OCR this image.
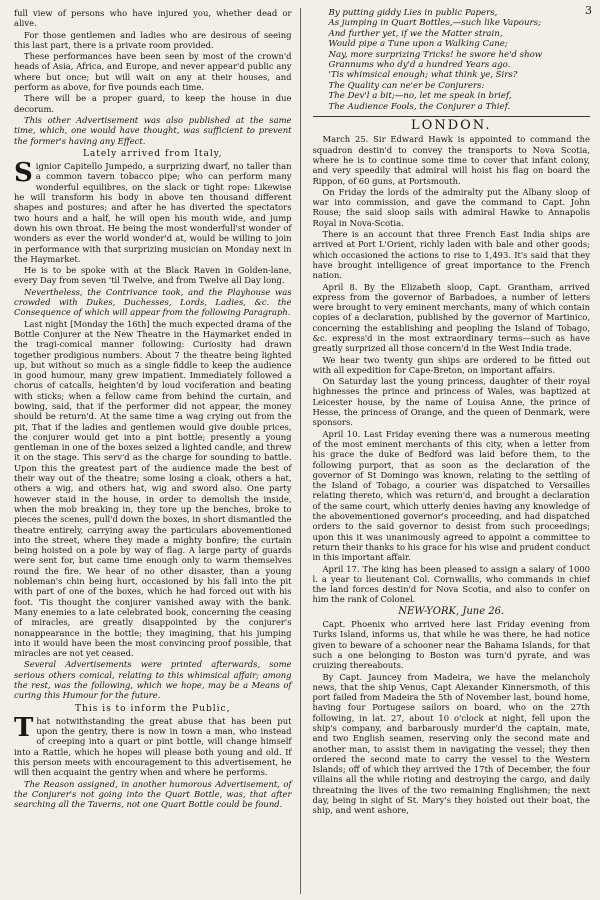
full view of persons who have injured you, whether dead or alive.

For those gentlemen and ladies who are desirous of seeing this last part, there is a private room provided.

These performances have been seen by most of the crown'd heads of Asia, Africa, and Europe, and never appear'd public any where but once; but will wait on any at their houses, and perform as above, for five pounds each time.

There will be a proper guard, to keep the house in due decorum.

This other Advertisement was also published at the same time, which, one would have thought, was sufficient to prevent the former's having any Effect.

Lately arrived from Italy,

Signior Capitello Jumpedo, a surprizing dwarf, no taller than a common tavern tobacco pipe; who can perform many wonderful equilibres, on the slack or tight rope: Likewise he will transform his body in above ten thousand different shapes and postures; and after he has diverted the spectators two hours and a half, he will open his mouth wide, and jump down his own throat. He being the most wonderfull'st wonder of wonders as ever the world wonder'd at, would be willing to join in performance with that surprizing musician on Monday next in the Haymarket.

He is to be spoke with at the Black Raven in Golden-lane, every Day from seven 'til Twelve, and from Twelve all Day long.

Nevertheless, the Contrivance took, and the Playhouse was crowded with Dukes, Duchesses, Lords, Ladies, &c. the Consequence of which will appear from the following Paragraph.

Last night [Monday the 16th] the much expected drama of the Bottle Conjurer at the New Theatre in the Haymarket ended in the tragi-comical manner following: Curiosity had drawn together prodigious numbers. About 7 the theatre being lighted up, but without so much as a single fiddle to keep the audience in good humour, many grew impatient. Immediately followed a chorus of catcalls, heighten'd by loud vociferation and beating with sticks; when a fellow came from behind the curtain, and bowing, said, that if the performer did not appear, the money should be return'd. At the same time a wag crying out from the pit, That if the ladies and gentlemen would give double prices, the conjurer would get into a pint bottle; presently a young gentleman in one of the boxes seized a lighted candle, and threw it on the stage. This serv'd as the charge for sounding to battle. Upon this the greatest part of the audience made the best of their way out of the theatre; some losing a cloak, others a hat, others a wig, and others hat, wig and sword also. One party however staid in the house, in order to demolish the inside, when the mob breaking in, they tore up the benches, broke to pieces the scenes, pull'd down the boxes, in short dismantled the theatre entirely, carrying away the particulars abovementioned into the street, where they made a mighty bonfire; the curtain being hoisted on a pole by way of flag. A large party of guards were sent for, but came time enough only to warm themselves round the fire. We hear of no other disaster, than a young nobleman's chin being hurt, occasioned by his fall into the pit with part of one of the boxes, which he had forced out with his foot. 'Tis thought the conjurer vanished away with the bank. Many enemies to a late celebrated book, concerning the ceasing of miracles, are greatly disappointed by the conjurer's nonappearance in the bottle; they imagining, that his jumping into it would have been the most convincing proof possible, that miracles are not yet ceased.

Several Advertisements were printed afterwards, some serious others comical, relating to this whimsical affair; among the rest, was the following, which we hope, may be a Means of curing this Humour for the future.

This is to inform the Public,

That notwithstanding the great abuse that has been put upon the gentry, there is now in town a man, who instead of creeping into a quart or pint bottle, will change himself into a Rattle, which he hopes will please both young and old. If this person meets with encouragement to this advertisement, he will then acquaint the gentry when and where he performs.

The Reason assigned, in another humorous Advertisement, of the Conjurer's not going into the Quart Bottle, was, that after searching all the Taverns, not one Quart Bottle could be found.

By putting giddy Lies in public Papers,
As jumping in Quart Bottles,—such like Vapours;
And further yet, if we the Matter strain,
Would pipe a Tune upon a Walking Cane;
Nay, more surprizing Tricks! he swore he'd show
Grannums who dy'd a hundred Years ago.
'Tis whimsical enough; what think ye, Sirs?
The Quality can ne'er be Conjurers:
The Dev'l a bit;—no, let me speak in brief,
The Audience Fools, the Conjurer a Thief.
LONDON.

March 25. Sir Edward Hawk is appointed to command the squadron destin'd to convey the transports to Nova Scotia, where he is to continue some time to cover that infant colony, and very speedily that admiral will hoist his flag on board the Rippon, of 60 guns, at Portsmouth.

On Friday the lords of the admiralty put the Albany sloop of war into commission, and gave the command to Capt. John Rouse; the said sloop sails with admiral Hawke to Annapolis Royal in Nova-Scotia.

There is an account that three French East India ships are arrived at Port L'Orient, richly laden with bale and other goods; which occasioned the actions to rise to 1,493. It's said that they have brought intelligence of great importance to the French nation.

April 8. By the Elizabeth sloop, Capt. Grantham, arrived express from the governor of Barbadoes, a number of letters were brought to very eminent merchants, many of which contain copies of a declaration, published by the governor of Martinico, concerning the establishing and peopling the Island of Tobago, &c. express'd in the most extraordinary terms—such as have greatly surprized all those concern'd in the West India trade.

We hear two twenty gun ships are ordered to be fitted out with all expedition for Cape-Breton, on important affairs.

On Saturday last the young princess, daughter of their royal highnesses the prince and princess of Wales, was baptized at Leicester house, by the name of Louisa Anne, the prince of Hesse, the princess of Orange, and the queen of Denmark, were sponsors.

April 10. Last Friday evening there was a numerous meeting of the most eminent merchants of this city, when a letter from his grace the duke of Bedford was laid before them, to the following purport, that as soon as the declaration of the governor of St Domingo was known, relating to the settling of the Island of Tobago, a courier was dispatched to Versailles relating thereto, which was return'd, and brought a declaration of the same court, which utterly denies having any knowledge of the abovementioned governor's proceeding, and had dispatched orders to the said governor to desist from such proceedings; upon this it was unanimously agreed to appoint a committee to return their thanks to his grace for his wise and prudent conduct in this important affair.

April 17. The king has been pleased to assign a salary of 1000 l. a year to lieutenant Col. Cornwallis, who commands in chief the land forces destin'd for Nova Scotia, and also to confer on him the rank of Colonel.

NEW-YORK, June 26.

Capt. Phoenix who arrived here last Friday evening from Turks Island, informs us, that while he was there, he had notice given to beware of a schooner near the Bahama Islands, for that such a one belonging to Boston was turn'd pyrate, and was cruizing thereabouts.

By Capt. Jauncey from Madeira, we have the melancholy news, that the ship Venus, Capt Alexander Kinnersmoth, of this port failed from Madeira the 5th of November last, bound home, having four Portugese sailors on board, who on the 27th following, in lat. 27, about 10 o'clock at night, fell upon the ship's company, and barbarously murder'd the captain, mate, and two English seamen, reserving only the second mate and another man, to assist them in navigating the vessel; they then ordered the second mate to carry the vessel to the Western Islands; off of which they arrived the 17th of December, the four villains all the while rioting and destroying the cargo, and daily threatning the lives of the two remaining Englishmen; the next day, being in sight of St. Mary's they hoisted out their boat, the ship, and went ashore,

3
